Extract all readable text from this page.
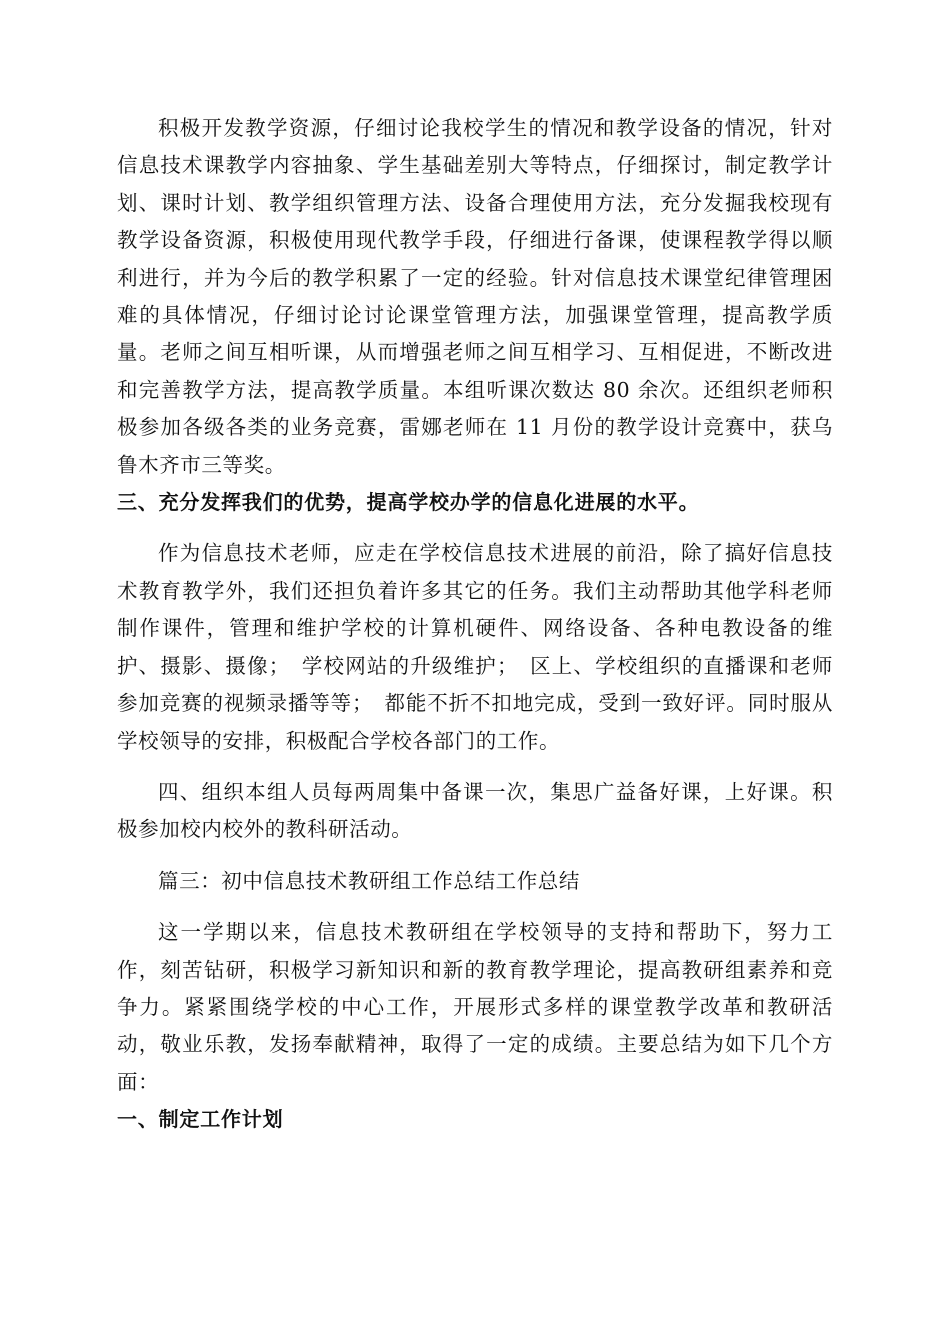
积极开发教学资源，仔细讨论我校学生的情况和教学设备的情况，针对信息技术课教学内容抽象、学生基础差别大等特点，仔细探讨，制定教学计划、课时计划、教学组织管理方法、设备合理使用方法，充分发掘我校现有教学设备资源，积极使用现代教学手段，仔细进行备课，使课程教学得以顺利进行，并为今后的教学积累了一定的经验。针对信息技术课堂纪律管理困难的具体情况，仔细讨论讨论课堂管理方法，加强课堂管理，提高教学质量。老师之间互相听课，从而增强老师之间互相学习、互相促进，不断改进和完善教学方法，提高教学质量。本组听课次数达 80 余次。还组织老师积极参加各级各类的业务竞赛，雷娜老师在 11 月份的教学设计竞赛中，获乌鲁木齐市三等奖。

三、充分发挥我们的优势，提高学校办学的信息化进展的水平。

作为信息技术老师，应走在学校信息技术进展的前沿，除了搞好信息技术教育教学外，我们还担负着许多其它的任务。我们主动帮助其他学科老师制作课件，管理和维护学校的计算机硬件、网络设备、各种电教设备的维护、摄影、摄像；　学校网站的升级维护；　区上、学校组织的直播课和老师参加竞赛的视频录播等等；　都能不折不扣地完成，受到一致好评。同时服从学校领导的安排，积极配合学校各部门的工作。

四、组织本组人员每两周集中备课一次，集思广益备好课，上好课。积极参加校内校外的教科研活动。

篇三：初中信息技术教研组工作总结工作总结

这一学期以来，信息技术教研组在学校领导的支持和帮助下，努力工作，刻苦钻研，积极学习新知识和新的教育教学理论，提高教研组素养和竞争力。紧紧围绕学校的中心工作，开展形式多样的课堂教学改革和教研活动，敬业乐教，发扬奉献精神，取得了一定的成绩。主要总结为如下几个方面：

一、制定工作计划
